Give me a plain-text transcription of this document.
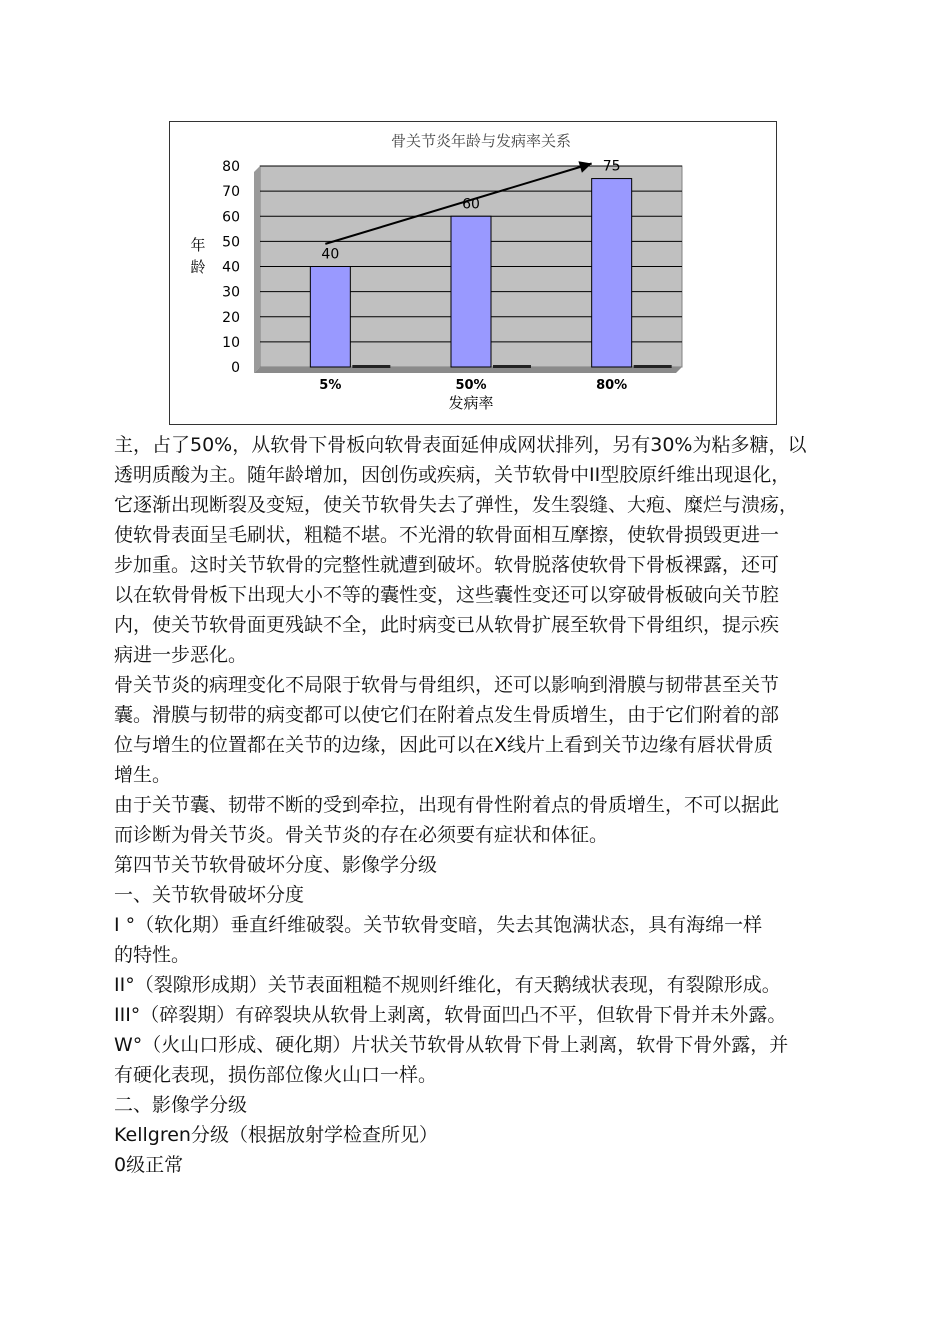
0
10
20
30
40
50
60
70
80
40
5%
60
50%
75
80%
骨关节炎年龄与发病率关系
发病率
年龄

主，占了50%，从软骨下骨板向软骨表面延伸成网状排列，另有30%为粘多糖，以

透明质酸为主。随年龄增加，因创伤或疾病，关节软骨中II型胶原纤维出现退化，

它逐渐出现断裂及变短，使关节软骨失去了弹性，发生裂缝、大疱、糜烂与溃疡，

使软骨表面呈毛刷状，粗糙不堪。不光滑的软骨面相互摩擦，使软骨损毁更进一

步加重。这时关节软骨的完整性就遭到破坏。软骨脱落使软骨下骨板裸露，还可

以在软骨骨板下出现大小不等的囊性变，这些囊性变还可以穿破骨板破向关节腔

内，使关节软骨面更残缺不全，此时病变已从软骨扩展至软骨下骨组织，提示疾

病进一步恶化。

骨关节炎的病理变化不局限于软骨与骨组织，还可以影响到滑膜与韧带甚至关节

囊。滑膜与韧带的病变都可以使它们在附着点发生骨质增生，由于它们附着的部

位与增生的位置都在关节的边缘，因此可以在X线片上看到关节边缘有唇状骨质

增生。

由于关节囊、韧带不断的受到牵拉，出现有骨性附着点的骨质增生，不可以据此

而诊断为骨关节炎。骨关节炎的存在必须要有症状和体征。

第四节关节软骨破坏分度、影像学分级

一、关节软骨破坏分度

I °（软化期）垂直纤维破裂。关节软骨变暗，失去其饱满状态，具有海绵一样

的特性。

II°（裂隙形成期）关节表面粗糙不规则纤维化，有天鹅绒状表现，有裂隙形成。

III°（碎裂期）有碎裂块从软骨上剥离，软骨面凹凸不平，但软骨下骨并未外露。

W°（火山口形成、硬化期）片状关节软骨从软骨下骨上剥离，软骨下骨外露，并

有硬化表现，损伤部位像火山口一样。

二、影像学分级

Kellgren分级（根据放射学检查所见）

0级正常
